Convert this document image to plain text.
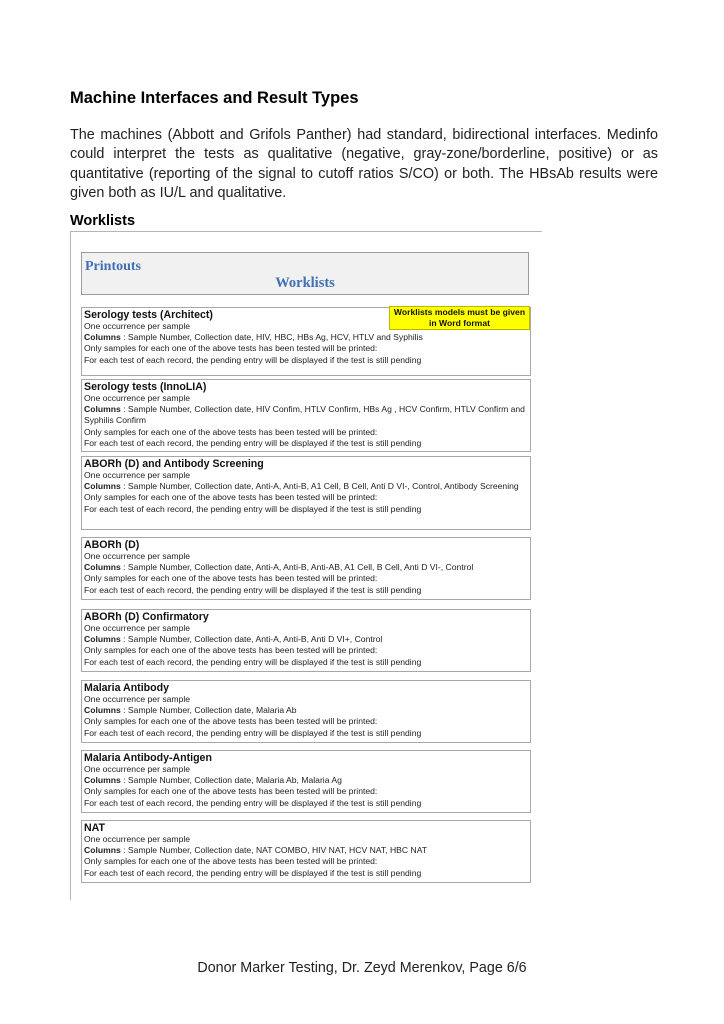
Machine Interfaces and Result Types

The machines (Abbott and Grifols Panther) had standard, bidirectional interfaces. Medinfo could interpret the tests as qualitative (negative, gray-zone/borderline, positive) or as quantitative (reporting of the signal to cutoff ratios S/CO) or both. The HBsAb results were given both as IU/L and qualitative.

Worklists
Printouts
Worklists
Serology tests (Architect)
One occurrence per sample
Columns : Sample Number, Collection date, HIV, HBC, HBs Ag, HCV, HTLV and Syphilis
Only samples for each one of the above tests has been tested will be printed:
For each test of each record, the pending entry will be displayed if the test is still pending
Worklists models must be given in Word format
Serology tests (InnoLIA)
One occurrence per sample
Columns : Sample Number, Collection date, HIV Confim, HTLV Confirm, HBs Ag , HCV Confirm, HTLV Confirm and Syphilis Confirm
Only samples for each one of the above tests has been tested will be printed:
For each test of each record, the pending entry will be displayed if the test is still pending
ABORh (D) and Antibody Screening
One occurrence per sample
Columns : Sample Number, Collection date, Anti-A, Anti-B, A1 Cell, B Cell, Anti D VI-, Control, Antibody Screening
Only samples for each one of the above tests has been tested will be printed:
For each test of each record, the pending entry will be displayed if the test is still pending
ABORh (D)
One occurrence per sample
Columns : Sample Number, Collection date, Anti-A, Anti-B, Anti-AB, A1 Cell, B Cell, Anti D VI-, Control
Only samples for each one of the above tests has been tested will be printed:
For each test of each record, the pending entry will be displayed if the test is still pending
ABORh (D) Confirmatory
One occurrence per sample
Columns : Sample Number, Collection date, Anti-A, Anti-B, Anti D VI+, Control
Only samples for each one of the above tests has been tested will be printed:
For each test of each record, the pending entry will be displayed if the test is still pending
Malaria Antibody
One occurrence per sample
Columns : Sample Number, Collection date, Malaria Ab
Only samples for each one of the above tests has been tested will be printed:
For each test of each record, the pending entry will be displayed if the test is still pending
Malaria Antibody-Antigen
One occurrence per sample
Columns : Sample Number, Collection date, Malaria Ab, Malaria Ag
Only samples for each one of the above tests has been tested will be printed:
For each test of each record, the pending entry will be displayed if the test is still pending
NAT
One occurrence per sample
Columns : Sample Number, Collection date, NAT COMBO, HIV NAT, HCV NAT, HBC NAT
Only samples for each one of the above tests has been tested will be printed:
For each test of each record, the pending entry will be displayed if the test is still pending

Donor Marker Testing, Dr. Zeyd Merenkov, Page 6/6
